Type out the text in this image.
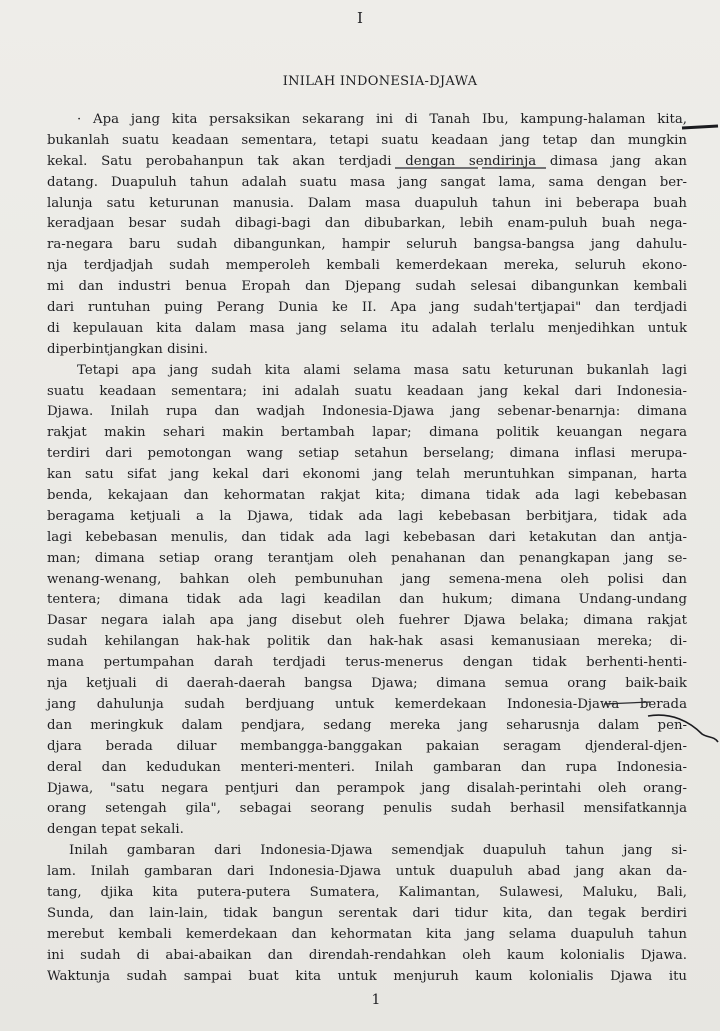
I
INILAH INDONESIA-DJAWA
· Apa jang kita persaksikan sekarang ini di Tanah Ibu, kampung-halaman kita,
bukanlah suatu keadaan sementara, tetapi suatu keadaan jang tetap dan mungkin
kekal. Satu perobahanpun tak akan terdjadi dengan sendirinja dimasa jang akan
datang. Duapuluh tahun adalah suatu masa jang sangat lama, sama dengan ber-
lalunja satu keturunan manusia. Dalam masa duapuluh tahun ini beberapa buah
keradjaan besar sudah dibagi-bagi dan dibubarkan, lebih enam-puluh buah nega-
ra-negara baru sudah dibangunkan, hampir seluruh bangsa-bangsa jang dahulu-
nja terdjadjah sudah memperoleh kembali kemerdekaan mereka, seluruh ekono-
mi dan industri benua Eropah dan Djepang sudah selesai dibangunkan kembali
dari runtuhan puing Perang Dunia ke II. Apa jang sudah'tertjapai" dan terdjadi
di kepulauan kita dalam masa jang selama itu adalah terlalu menjedihkan untuk
diperbintjangkan disini.
Tetapi apa jang sudah kita alami selama masa satu keturunan bukanlah lagi
suatu keadaan sementara; ini adalah suatu keadaan jang kekal dari Indonesia-
Djawa. Inilah rupa dan wadjah Indonesia-Djawa jang sebenar-benarnja: dimana
rakjat makin sehari makin bertambah lapar; dimana politik keuangan negara
terdiri dari pemotongan wang setiap setahun berselang; dimana inflasi merupa-
kan satu sifat jang kekal dari ekonomi jang telah meruntuhkan simpanan, harta
benda, kekajaan dan kehormatan rakjat kita; dimana tidak ada lagi kebebasan
beragama ketjuali a la Djawa, tidak ada lagi kebebasan berbitjara, tidak ada
lagi kebebasan menulis, dan tidak ada lagi kebebasan dari ketakutan dan antja-
man; dimana setiap orang terantjam oleh penahanan dan penangkapan jang se-
wenang-wenang, bahkan oleh pembunuhan jang semena-mena oleh polisi dan
tentera; dimana tidak ada lagi keadilan dan hukum; dimana Undang-undang
Dasar negara ialah apa jang disebut oleh fuehrer Djawa belaka; dimana rakjat
sudah kehilangan hak-hak politik dan hak-hak asasi kemanusiaan mereka; di-
mana pertumpahan darah terdjadi terus-menerus dengan tidak berhenti-henti-
nja ketjuali di daerah-daerah bangsa Djawa; dimana semua orang baik-baik
jang dahulunja sudah berdjuang untuk kemerdekaan Indonesia-Djawa berada
dan meringkuk dalam pendjara, sedang mereka jang seharusnja dalam pen-
djara berada diluar membangga-banggakan pakaian seragam djenderal-djen-
deral dan kedudukan menteri-menteri. Inilah gambaran dan rupa Indonesia-
Djawa, "satu negara pentjuri dan perampok jang disalah-perintahi oleh orang-
orang setengah gila", sebagai seorang penulis sudah berhasil mensifatkannja
dengan tepat sekali.
Inilah gambaran dari Indonesia-Djawa semendjak duapuluh tahun jang si-
lam. Inilah gambaran dari Indonesia-Djawa untuk duapuluh abad jang akan da-
tang, djika kita putera-putera Sumatera, Kalimantan, Sulawesi, Maluku, Bali,
Sunda, dan lain-lain, tidak bangun serentak dari tidur kita, dan tegak berdiri
merebut kembali kemerdekaan dan kehormatan kita jang selama duapuluh tahun
ini sudah di abai-abaikan dan direndah-rendahkan oleh kaum kolonialis Djawa.
Waktunja sudah sampai buat kita untuk menjuruh kaum kolonialis Djawa itu
1
